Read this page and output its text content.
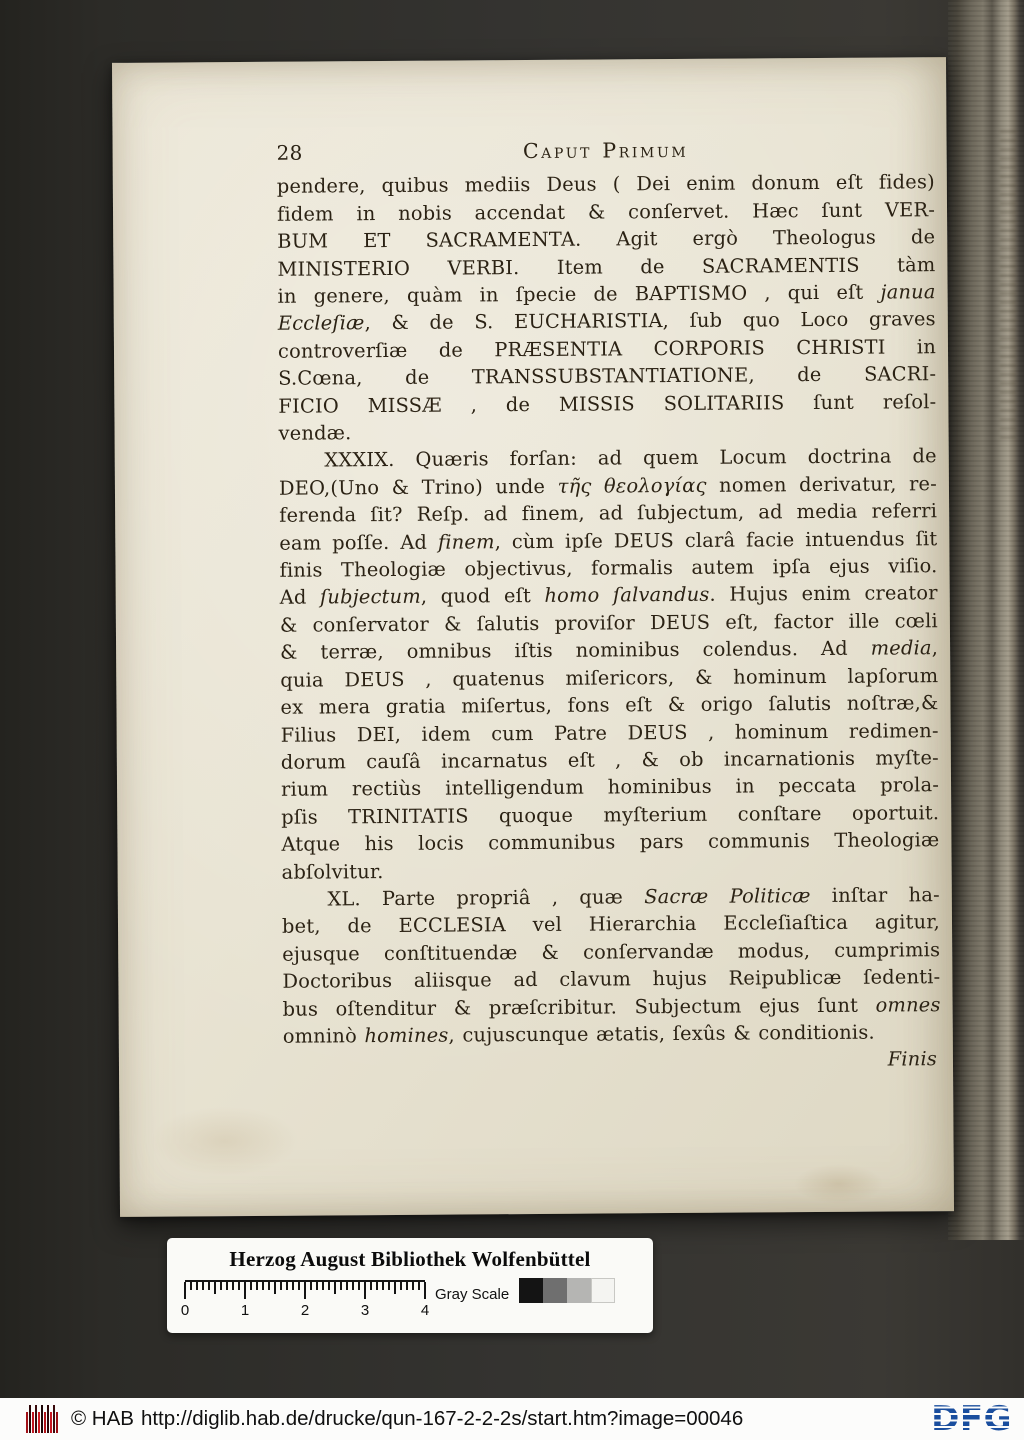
28	Caput Primum
pendere, quibus mediis Deus ( Dei enim donum eſt fides)
fidem in nobis accendat & conſervet. Hæc ſunt VER-
BUM ET SACRAMENTA. Agit ergò Theologus de
MINISTERIO VERBI. Item de SACRAMENTIS tàm
in genere, quàm in ſpecie de BAPTISMO , qui eſt janua
Eccleſiæ, & de S. EUCHARISTIA, ſub quo Loco graves
controverſiæ de PRÆSENTIA CORPORIS CHRISTI in
S.Cœna, de TRANSSUBSTANTIATIONE, de SACRI-
FICIO MISSÆ , de MISSIS SOLITARIIS ſunt reſol-
vendæ.
XXXIX. Quæris forſan: ad quem Locum doctrina de
DEO,(Uno & Trino) unde τῆς θεολογίας nomen derivatur, re-
ferenda ſit? Reſp. ad finem, ad ſubjectum, ad media referri
eam poſſe. Ad finem, cùm ipſe DEUS clarâ facie intuendus ſit
finis Theologiæ objectivus, formalis autem ipſa ejus viſio.
Ad ſubjectum, quod eſt homo ſalvandus. Hujus enim creator
& conſervator & ſalutis proviſor DEUS eſt, factor ille cœli
& terræ, omnibus iſtis nominibus colendus. Ad media,
quia DEUS , quatenus miſericors, & hominum lapſorum
ex mera gratia miſertus, fons eſt & origo ſalutis noſtræ,&
Filius DEI, idem cum Patre DEUS , hominum redimen-
dorum cauſâ incarnatus eſt , & ob incarnationis myſte-
rium rectiùs intelligendum hominibus in peccata prola-
pſis TRINITATIS quoque myſterium conſtare oportuit.
Atque his locis communibus pars communis Theologiæ
abſolvitur.
XL. Parte propriâ , quæ Sacræ Politicæ inſtar ha-
bet, de ECCLESIA vel Hierarchia Eccleſiaſtica agitur,
ejusque conſtituendæ & conſervandæ modus, cumprimis
Doctoribus aliisque ad clavum hujus Reipublicæ ſedenti-
bus oſtenditur & præſcribitur. Subjectum ejus ſunt omnes
omninò homines, cujuscunque ætatis, ſexûs & conditionis.
Finis
Herzog August Bibliothek Wolfenbüttel
0	1	2	3	4
Gray Scale
© HAB http://diglib.hab.de/drucke/qun-167-2-2-2s/start.htm?image=00046	DFG
